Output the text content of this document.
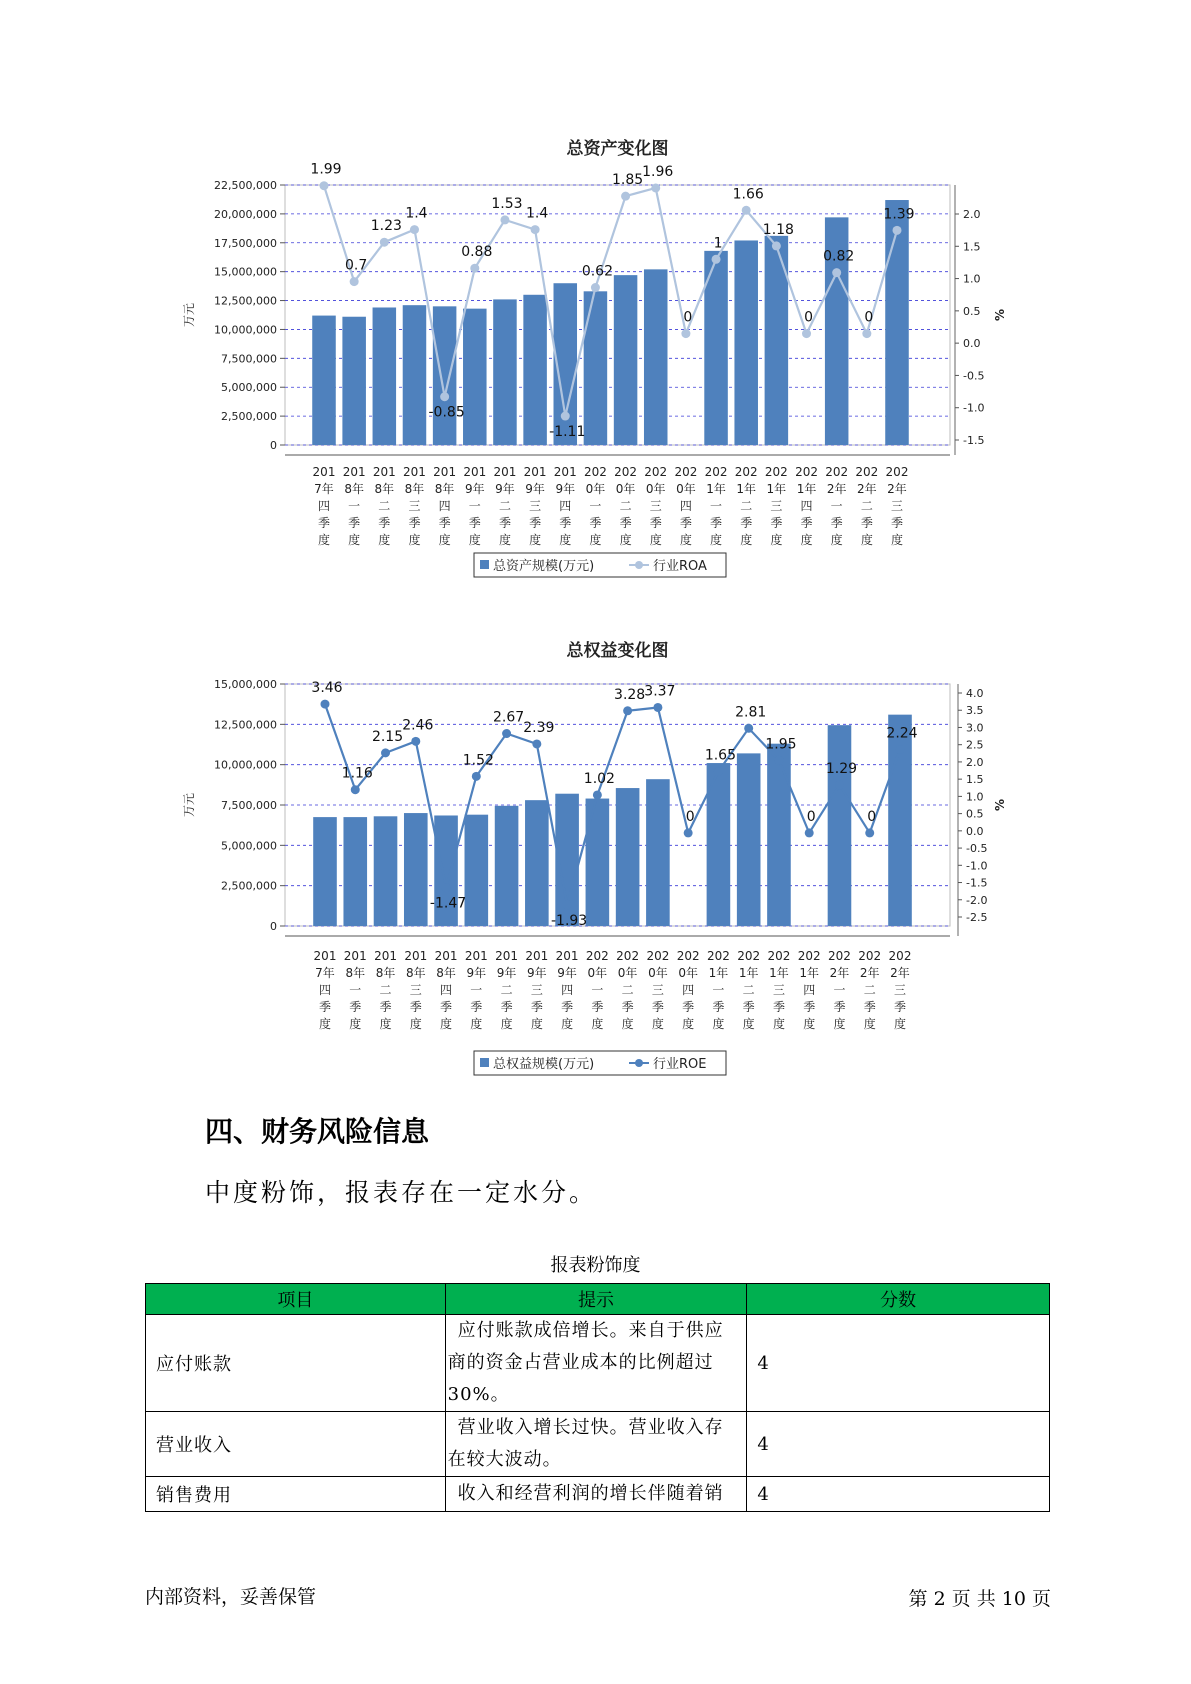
总资产变化图
22,500,000
20,000,000
17,500,000
15,000,000
12,500,000
10,000,000
7,500,000
5,000,000
2,500,000
0
2.0
1.5
1.0
0.5
0.0
-0.5
-1.0
-1.5
万元	%
201
7年
四
季
度
201
8年
一
季
度
201
8年
二
季
度
201
8年
三
季
度
201
8年
四
季
度
201
9年
一
季
度
201
9年
二
季
度
201
9年
三
季
度
201
9年
四
季
度
202
0年
一
季
度
202
0年
二
季
度
202
0年
三
季
度
202
0年
四
季
度
202
1年
一
季
度
202
1年
二
季
度
202
1年
三
季
度
202
1年
四
季
度
202
2年
一
季
度
202
2年
二
季
度
202
2年
三
季
度
1.99
0.7
1.23
1.4
-0.85
0.88
1.53
1.4
-1.11
0.62
1.85
1.96
0
1
1.66
1.18
0
0.82
0
1.39
总资产规模(万元)	行业ROA
总权益变化图
15,000,000
12,500,000
10,000,000
7,500,000
5,000,000
2,500,000
0
4.0
3.5
3.0
2.5
2.0
1.5
1.0
0.5
0.0
-0.5
-1.0
-1.5
-2.0
-2.5
万元	%
201
7年
四
季
度
201
8年
一
季
度
201
8年
二
季
度
201
8年
三
季
度
201
8年
四
季
度
201
9年
一
季
度
201
9年
二
季
度
201
9年
三
季
度
201
9年
四
季
度
202
0年
一
季
度
202
0年
二
季
度
202
0年
三
季
度
202
0年
四
季
度
202
1年
一
季
度
202
1年
二
季
度
202
1年
三
季
度
202
1年
四
季
度
202
2年
一
季
度
202
2年
二
季
度
202
2年
三
季
度
3.46
1.16
2.15
2.46
-1.47
1.52
2.67
2.39
-1.93
1.02
3.28 3.37
0
1.65
2.81
1.95
0
1.29
0
2.24
总权益规模(万元)	行业ROE
四、财务风险信息

中度粉饰，报表存在一定水分。

报表粉饰度
项目	提示	分数
应付账款	应付账款成倍增长。来自于供应商的资金占营业成本的比例超过30%。	4
营业收入	营业收入增长过快。营业收入存在较大波动。	4
销售费用	收入和经营利润的增长伴随着销	4
内部资料，妥善保管	第 2 页 共 10 页
